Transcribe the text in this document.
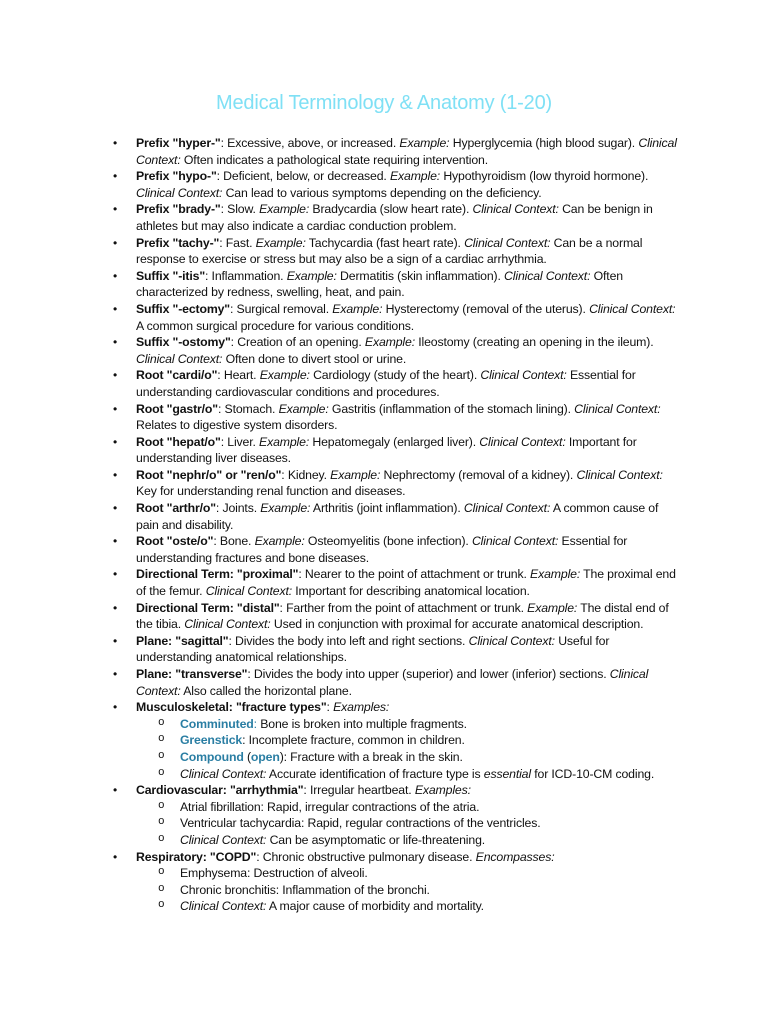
Medical Terminology & Anatomy (1-20)
• Prefix "hyper-": Excessive, above, or increased. Example: Hyperglycemia (high blood sugar). Clinical Context: Often indicates a pathological state requiring intervention.
• Prefix "hypo-": Deficient, below, or decreased. Example: Hypothyroidism (low thyroid hormone). Clinical Context: Can lead to various symptoms depending on the deficiency.
• Prefix "brady-": Slow. Example: Bradycardia (slow heart rate). Clinical Context: Can be benign in athletes but may also indicate a cardiac conduction problem.
• Prefix "tachy-": Fast. Example: Tachycardia (fast heart rate). Clinical Context: Can be a normal response to exercise or stress but may also be a sign of a cardiac arrhythmia.
• Suffix "-itis": Inflammation. Example: Dermatitis (skin inflammation). Clinical Context: Often characterized by redness, swelling, heat, and pain.
• Suffix "-ectomy": Surgical removal. Example: Hysterectomy (removal of the uterus). Clinical Context: A common surgical procedure for various conditions.
• Suffix "-ostomy": Creation of an opening. Example: Ileostomy (creating an opening in the ileum). Clinical Context: Often done to divert stool or urine.
• Root "cardi/o": Heart. Example: Cardiology (study of the heart). Clinical Context: Essential for understanding cardiovascular conditions and procedures.
• Root "gastr/o": Stomach. Example: Gastritis (inflammation of the stomach lining). Clinical Context: Relates to digestive system disorders.
• Root "hepat/o": Liver. Example: Hepatomegaly (enlarged liver). Clinical Context: Important for understanding liver diseases.
• Root "nephr/o" or "ren/o": Kidney. Example: Nephrectomy (removal of a kidney). Clinical Context: Key for understanding renal function and diseases.
• Root "arthr/o": Joints. Example: Arthritis (joint inflammation). Clinical Context: A common cause of pain and disability.
• Root "oste/o": Bone. Example: Osteomyelitis (bone infection). Clinical Context: Essential for understanding fractures and bone diseases.
• Directional Term: "proximal": Nearer to the point of attachment or trunk. Example: The proximal end of the femur. Clinical Context: Important for describing anatomical location.
• Directional Term: "distal": Farther from the point of attachment or trunk. Example: The distal end of the tibia. Clinical Context: Used in conjunction with proximal for accurate anatomical description.
• Plane: "sagittal": Divides the body into left and right sections. Clinical Context: Useful for understanding anatomical relationships.
• Plane: "transverse": Divides the body into upper (superior) and lower (inferior) sections. Clinical Context: Also called the horizontal plane.
• Musculoskeletal: "fracture types": Examples:
o Comminuted: Bone is broken into multiple fragments.
o Greenstick: Incomplete fracture, common in children.
o Compound (open): Fracture with a break in the skin.
o Clinical Context: Accurate identification of fracture type is essential for ICD-10-CM coding.
• Cardiovascular: "arrhythmia": Irregular heartbeat. Examples:
o Atrial fibrillation: Rapid, irregular contractions of the atria.
o Ventricular tachycardia: Rapid, regular contractions of the ventricles.
o Clinical Context: Can be asymptomatic or life-threatening.
• Respiratory: "COPD": Chronic obstructive pulmonary disease. Encompasses:
o Emphysema: Destruction of alveoli.
o Chronic bronchitis: Inflammation of the bronchi.
o Clinical Context: A major cause of morbidity and mortality.
